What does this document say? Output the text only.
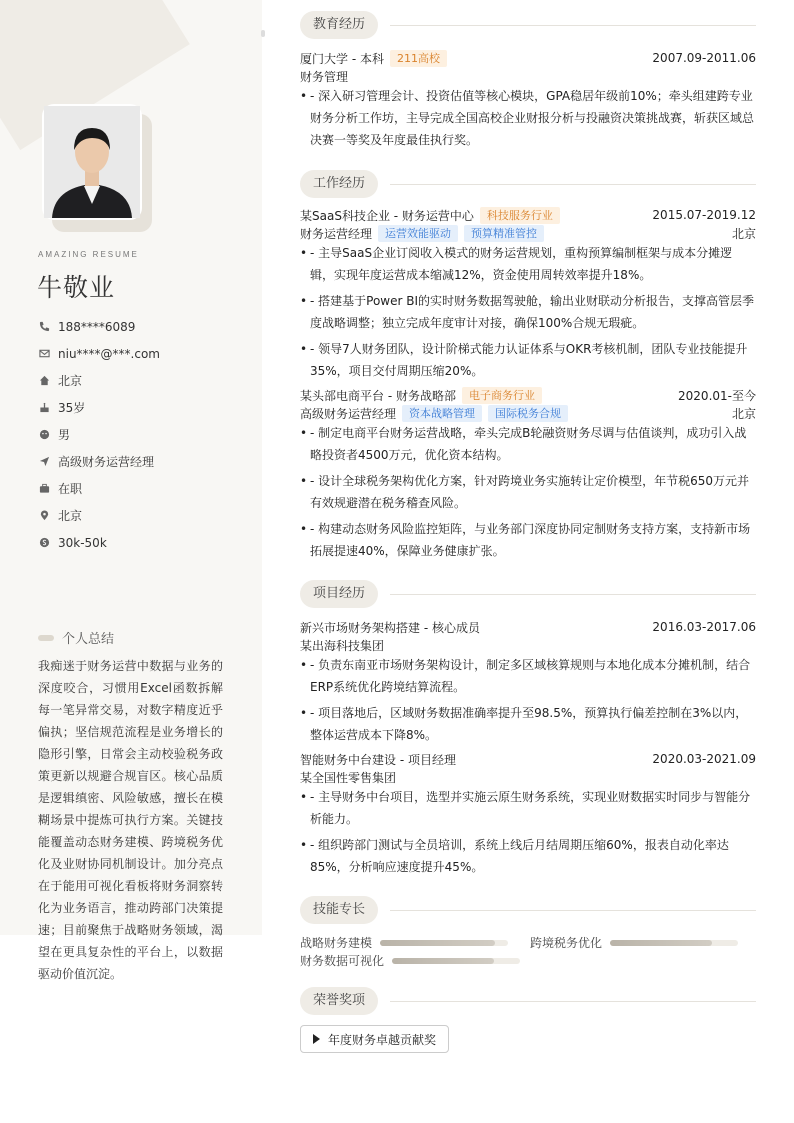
AMAZING RESUME
牛敬业
188****6089
niu****@***.com
北京
35岁
男
高级财务运营经理
在职
北京
30k-50k
个人总结
我痴迷于财务运营中数据与业务的深度咬合，习惯用Excel函数拆解每一笔异常交易，对数字精度近乎偏执；坚信规范流程是业务增长的隐形引擎，日常会主动校验税务政策更新以规避合规盲区。核心品质是逻辑缜密、风险敏感，擅长在模糊场景中提炼可执行方案。关键技能覆盖动态财务建模、跨境税务优化及业财协同机制设计。加分亮点在于能用可视化看板将财务洞察转化为业务语言，推动跨部门决策提速；目前聚焦于战略财务领域，渴望在更具复杂性的平台上，以数据驱动价值沉淀。
教育经历
厦门大学 - 本科	211高校	2007.09-2011.06
财务管理
• - 深入研习管理会计、投资估值等核心模块，GPA稳居年级前10%；牵头组建跨专业财务分析工作坊，主导完成全国高校企业财报分析与投融资决策挑战赛，斩获区域总决赛一等奖及年度最佳执行奖。
工作经历
某SaaS科技企业 - 财务运营中心	科技服务行业	2015.07-2019.12
财务运营经理	运营效能驱动	预算精准管控	北京
• - 主导SaaS企业订阅收入模式的财务运营规划，重构预算编制框架与成本分摊逻辑，实现年度运营成本缩减12%，资金使用周转效率提升18%。
• - 搭建基于Power BI的实时财务数据驾驶舱，输出业财联动分析报告，支撑高管层季度战略调整；独立完成年度审计对接，确保100%合规无瑕疵。
• - 领导7人财务团队，设计阶梯式能力认证体系与OKR考核机制，团队专业技能提升35%，项目交付周期压缩20%。
某头部电商平台 - 财务战略部	电子商务行业	2020.01-至今
高级财务运营经理	资本战略管理	国际税务合规	北京
• - 制定电商平台财务运营战略，牵头完成B轮融资财务尽调与估值谈判，成功引入战略投资者4500万元，优化资本结构。
• - 设计全球税务架构优化方案，针对跨境业务实施转让定价模型，年节税650万元并有效规避潜在税务稽查风险。
• - 构建动态财务风险监控矩阵，与业务部门深度协同定制财务支持方案，支持新市场拓展提速40%，保障业务健康扩张。
项目经历
新兴市场财务架构搭建 - 核心成员	2016.03-2017.06
某出海科技集团
• - 负责东南亚市场财务架构设计，制定多区域核算规则与本地化成本分摊机制，结合ERP系统优化跨境结算流程。
• - 项目落地后，区域财务数据准确率提升至98.5%，预算执行偏差控制在3%以内，整体运营成本下降8%。
智能财务中台建设 - 项目经理	2020.03-2021.09
某全国性零售集团
• - 主导财务中台项目，选型并实施云原生财务系统，实现业财数据实时同步与智能分析能力。
• - 组织跨部门测试与全员培训，系统上线后月结周期压缩60%，报表自动化率达85%，分析响应速度提升45%。
技能专长
战略财务建模	跨境税务优化
财务数据可视化
荣誉奖项
年度财务卓越贡献奖
